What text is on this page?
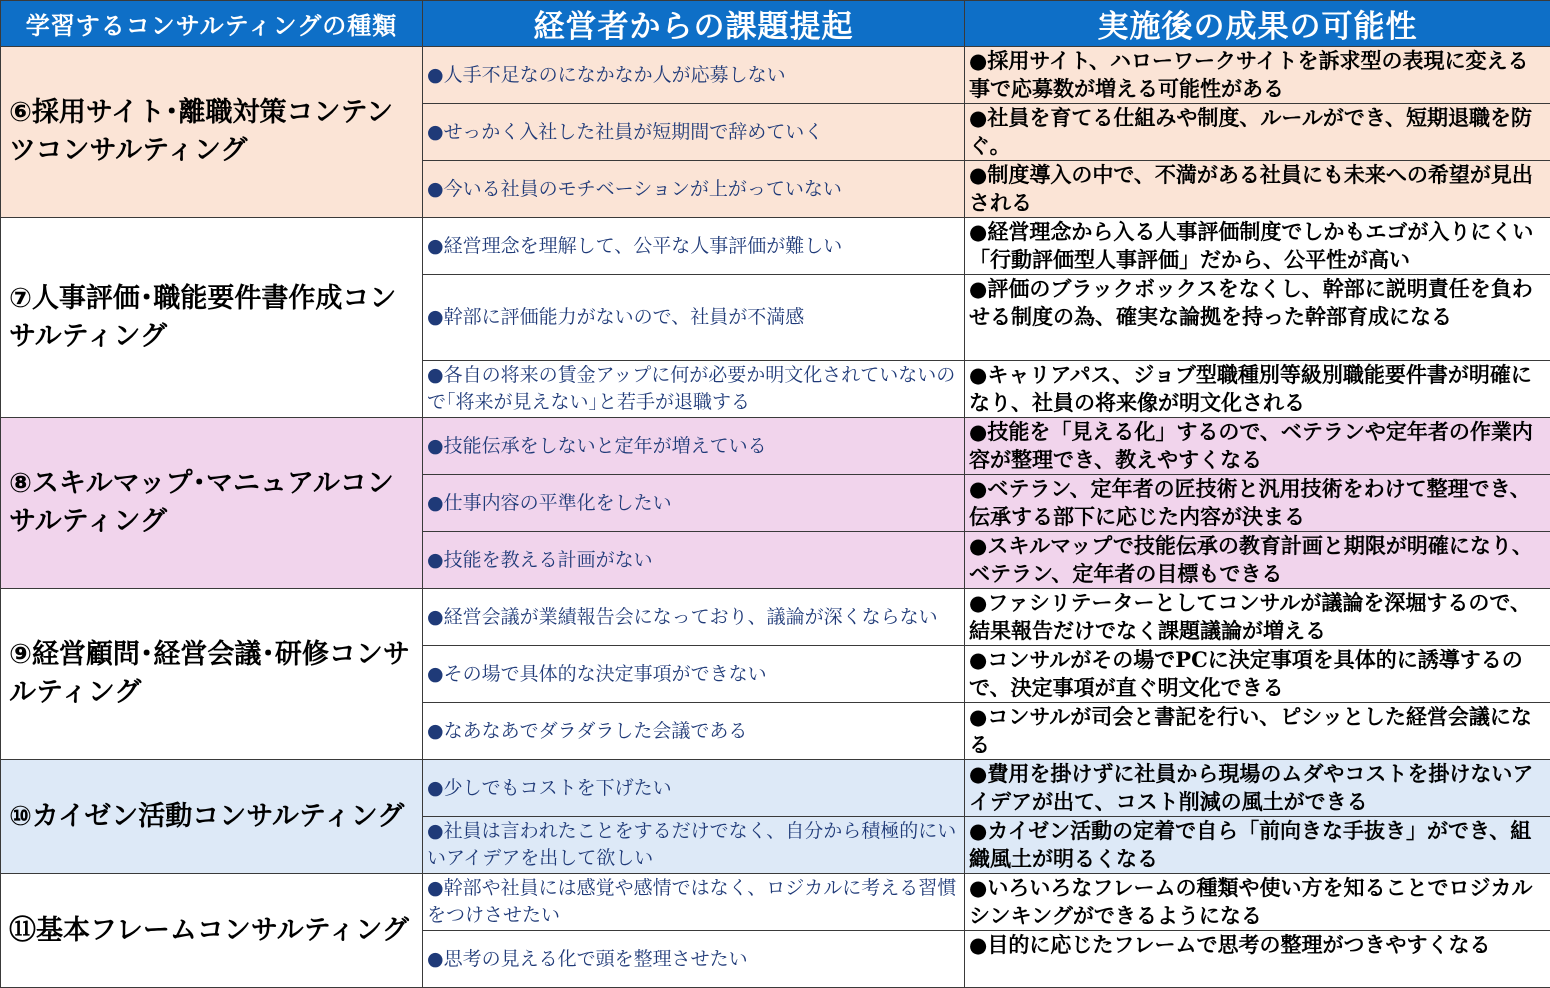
学習するコンサルティングの種類	経営者からの課題提起	実施後の成果の可能性
⑥採用サイト･離職対策コンテンツコンサルティング	●人手不足なのになかなか人が応募しない	●採用サイト、ハローワークサイトを訴求型の表現に変える事で応募数が増える可能性がある
	●せっかく入社した社員が短期間で辞めていく	●社員を育てる仕組みや制度、ルールができ、短期退職を防ぐ。
	●今いる社員のモチベーションが上がっていない	●制度導入の中で、不満がある社員にも未来への希望が見出される
⑦人事評価･職能要件書作成コンサルティング	●経営理念を理解して、公平な人事評価が難しい	●経営理念から入る人事評価制度でしかもエゴが入りにくい「行動評価型人事評価」だから、公平性が高い
	●幹部に評価能力がないので、社員が不満感	●評価のブラックボックスをなくし、幹部に説明責任を負わせる制度の為、確実な論拠を持った幹部育成になる
	●各自の将来の賃金アップに何が必要か明文化されていないので｢将来が見えない｣と若手が退職する	●キャリアパス、ジョブ型職種別等級別職能要件書が明確になり、社員の将来像が明文化される
⑧スキルマップ･マニュアルコンサルティング	●技能伝承をしないと定年が増えている	●技能を「見える化」するので、ベテランや定年者の作業内容が整理でき、教えやすくなる
	●仕事内容の平準化をしたい	●ベテラン、定年者の匠技術と汎用技術をわけて整理でき、伝承する部下に応じた内容が決まる
	●技能を教える計画がない	●スキルマップで技能伝承の教育計画と期限が明確になり、ベテラン、定年者の目標もできる
⑨経営顧問･経営会議･研修コンサルティング	●経営会議が業績報告会になっており、議論が深くならない	●ファシリテーターとしてコンサルが議論を深堀するので、結果報告だけでなく課題議論が増える
	●その場で具体的な決定事項ができない	●コンサルがその場でPCに決定事項を具体的に誘導するので、決定事項が直ぐ明文化できる
	●なあなあでダラダラした会議である	●コンサルが司会と書記を行い、ピシッとした経営会議になる
⑩カイゼン活動コンサルティング	●少しでもコストを下げたい	●費用を掛けずに社員から現場のムダやコストを掛けないアイデアが出て、コスト削減の風土ができる
	●社員は言われたことをするだけでなく、自分から積極的にいいアイデアを出して欲しい	●カイゼン活動の定着で自ら「前向きな手抜き」ができ、組織風土が明るくなる
⑪基本フレームコンサルティング	●幹部や社員には感覚や感情ではなく、ロジカルに考える習慣をつけさせたい	●いろいろなフレームの種類や使い方を知ることでロジカルシンキングができるようになる
	●思考の見える化で頭を整理させたい	●目的に応じたフレームで思考の整理がつきやすくなる
